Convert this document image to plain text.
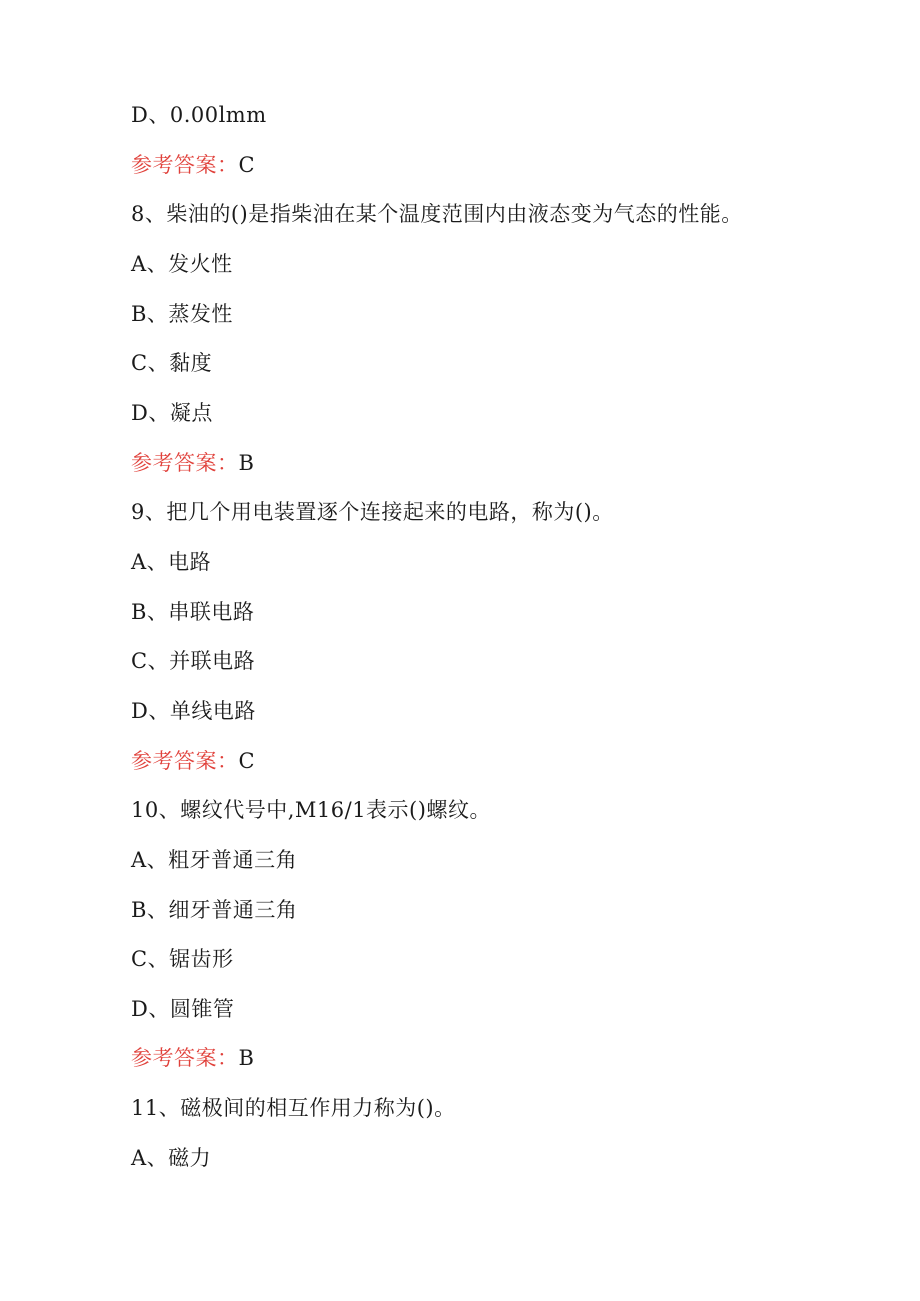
D、0.00lmm
参考答案：C
8、柴油的()是指柴油在某个温度范围内由液态变为气态的性能。
A、发火性
B、蒸发性
C、黏度
D、凝点
参考答案：B
9、把几个用电装置逐个连接起来的电路，称为()。
A、电路
B、串联电路
C、并联电路
D、单线电路
参考答案：C
10、螺纹代号中,M16/1表示()螺纹。
A、粗牙普通三角
B、细牙普通三角
C、锯齿形
D、圆锥管
参考答案：B
11、磁极间的相互作用力称为()。
A、磁力
